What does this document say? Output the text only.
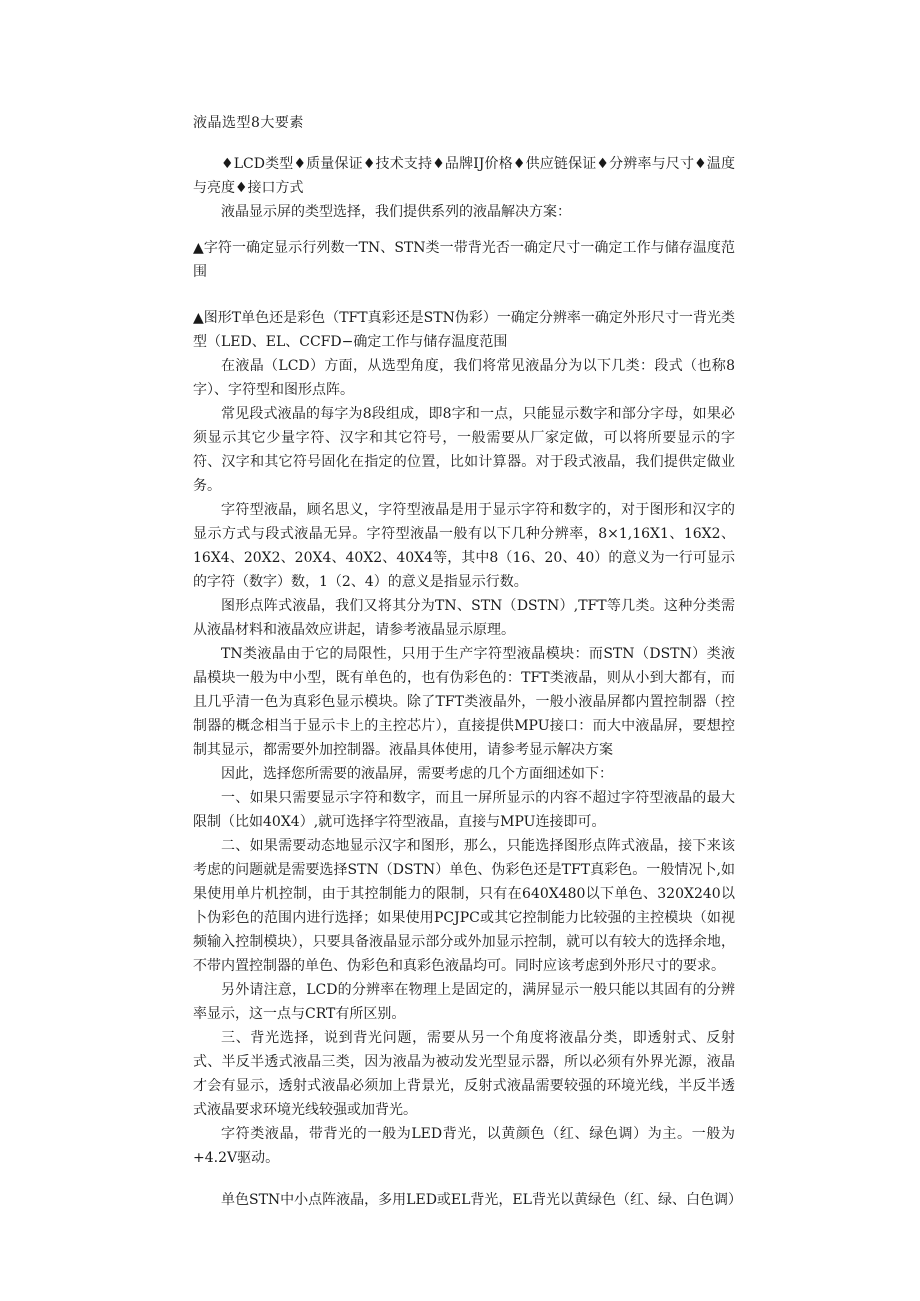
液晶选型8大要素

♦LCD类型♦质量保证♦技术支持♦品牌IJ价格♦供应链保证♦分辨率与尺寸♦温度与亮度♦接口方式

液晶显示屏的类型选择，我们提供系列的液晶解决方案：

▲字符一确定显示行列数一TN、STN类一带背光否一确定尺寸一确定工作与储存温度范围

▲图形T单色还是彩色（TFT真彩还是STN伪彩）一确定分辨率一确定外形尺寸一背光类型（LED、EL、CCFD−确定工作与储存温度范围

在液晶（LCD）方面，从选型角度，我们将常见液晶分为以下几类：段式（也称8字）、字符型和图形点阵。

常见段式液晶的每字为8段组成，即8字和一点，只能显示数字和部分字母，如果必须显示其它少量字符、汉字和其它符号，一般需要从厂家定做，可以将所要显示的字符、汉字和其它符号固化在指定的位置，比如计算器。对于段式液晶，我们提供定做业务。

字符型液晶，顾名思义，字符型液晶是用于显示字符和数字的，对于图形和汉字的显示方式与段式液晶无异。字符型液晶一般有以下几种分辨率，8×1,16X1、16X2、16X4、20X2、20X4、40X2、40X4等，其中8（16、20、40）的意义为一行可显示的字符（数字）数，1（2、4）的意义是指显示行数。

图形点阵式液晶，我们又将其分为TN、STN（DSTN）,TFT等几类。这种分类需从液晶材料和液晶效应讲起，请参考液晶显示原理。

TN类液晶由于它的局限性，只用于生产字符型液晶模块：而STN（DSTN）类液晶模块一般为中小型，既有单色的，也有伪彩色的：TFT类液晶，则从小到大都有，而且几乎清一色为真彩色显示模块。除了TFT类液晶外，一般小液晶屏都内置控制器（控制器的概念相当于显示卡上的主控芯片），直接提供MPU接口：而大中液晶屏，要想控制其显示，都需要外加控制器。液晶具体使用，请参考显示解决方案

因此，选择您所需要的液晶屏，需要考虑的几个方面细述如下：

一、如果只需要显示字符和数字，而且一屏所显示的内容不超过字符型液晶的最大限制（比如40X4）,就可选择字符型液晶，直接与MPU连接即可。

二、如果需要动态地显示汉字和图形，那么，只能选择图形点阵式液晶，接下来该考虑的问题就是需要选择STN（DSTN）单色、伪彩色还是TFT真彩色。一般情况卜,如果使用单片机控制，由于其控制能力的限制，只有在640X480以下单色、320X240以卜伪彩色的范围内进行选择；如果使用PCJPC或其它控制能力比较强的主控模块（如视频输入控制模块），只要具备液晶显示部分或外加显示控制，就可以有较大的选择余地，不带内置控制器的单色、伪彩色和真彩色液晶均可。同时应该考虑到外形尺寸的要求。

另外请注意，LCD的分辨率在物理上是固定的，满屏显示一般只能以其固有的分辨率显示，这一点与CRT有所区别。

三、背光选择，说到背光问题，需要从另一个角度将液晶分类，即透射式、反射式、半反半透式液晶三类，因为液晶为被动发光型显示器，所以必须有外界光源，液晶才会有显示，透射式液晶必须加上背景光，反射式液晶需要较强的环境光线，半反半透式液晶要求环境光线较强或加背光。

字符类液晶，带背光的一般为LED背光，以黄颜色（红、绿色调）为主。一般为+4.2V驱动。

单色STN中小点阵液晶，多用LED或EL背光，EL背光以黄绿色（红、绿、白色调）
